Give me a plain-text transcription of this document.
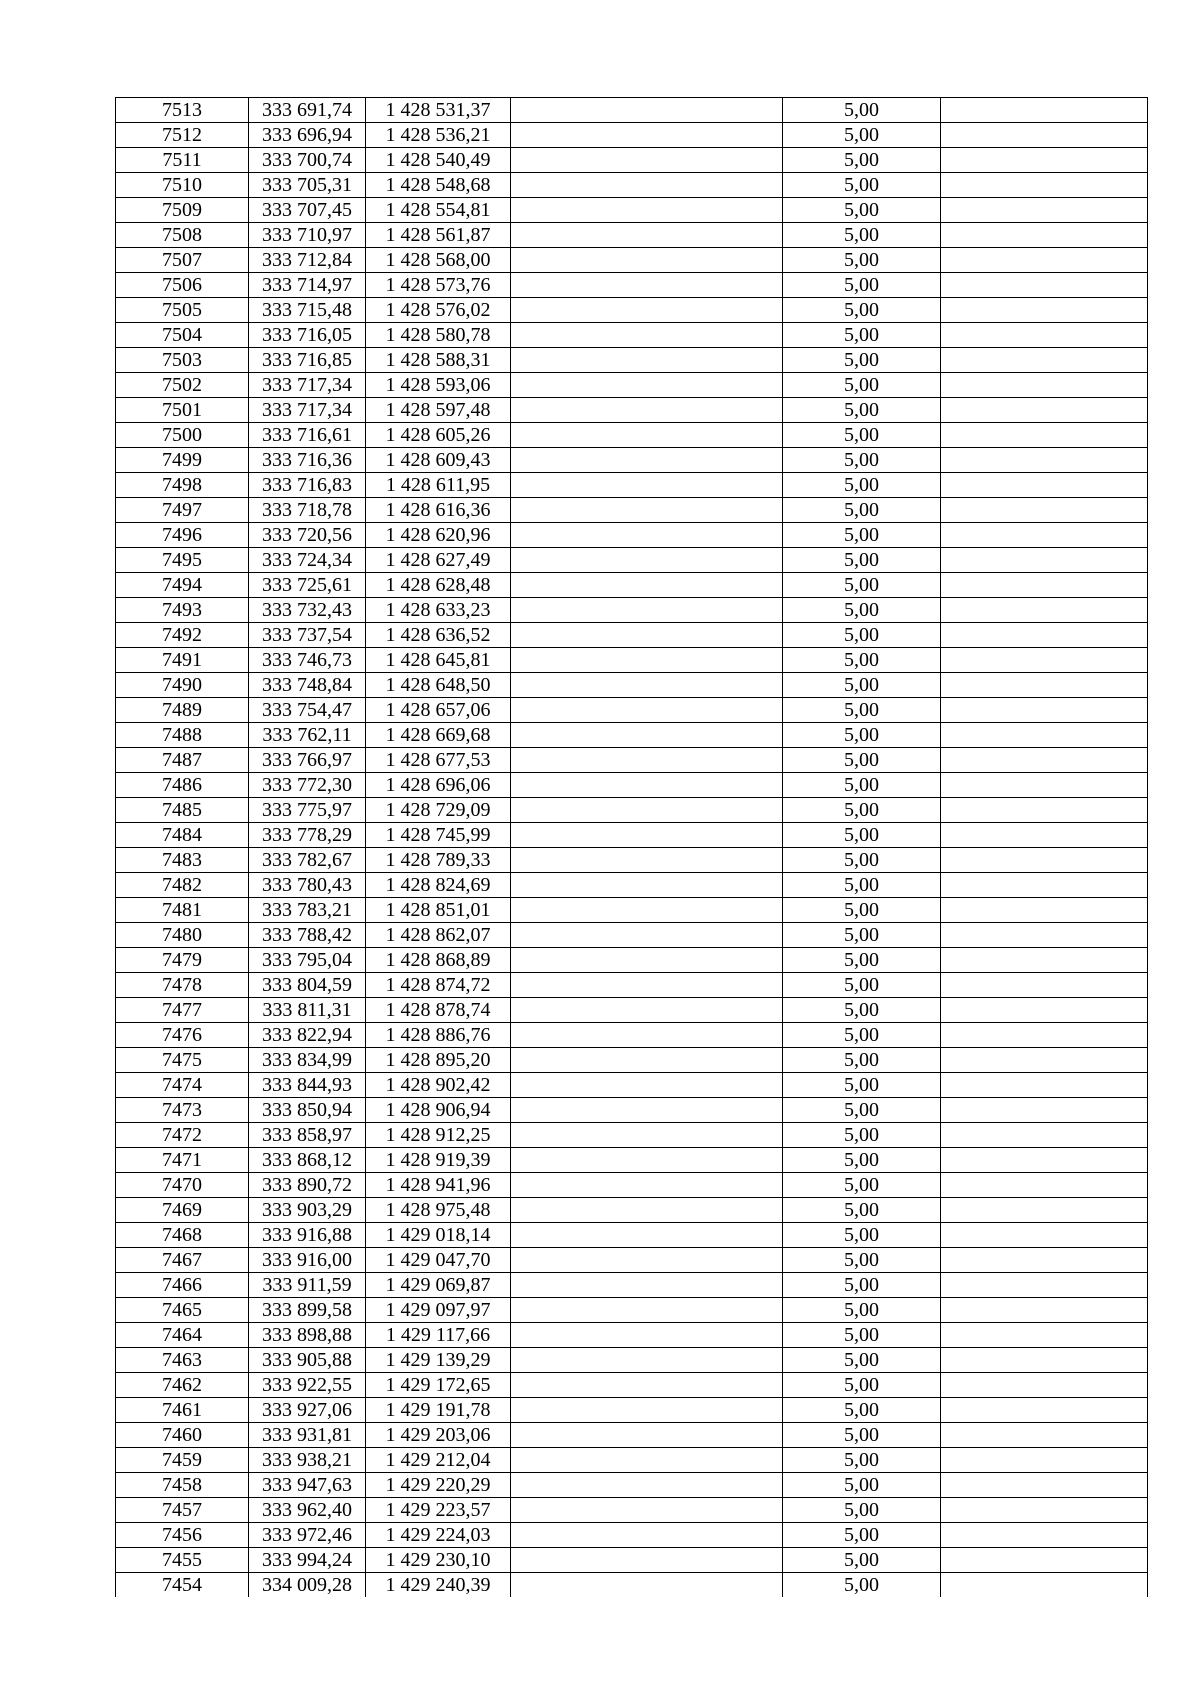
7513	333 691,74	1 428 531,37		5,00	
7512	333 696,94	1 428 536,21		5,00	
7511	333 700,74	1 428 540,49		5,00	
7510	333 705,31	1 428 548,68		5,00	
7509	333 707,45	1 428 554,81		5,00	
7508	333 710,97	1 428 561,87		5,00	
7507	333 712,84	1 428 568,00		5,00	
7506	333 714,97	1 428 573,76		5,00	
7505	333 715,48	1 428 576,02		5,00	
7504	333 716,05	1 428 580,78		5,00	
7503	333 716,85	1 428 588,31		5,00	
7502	333 717,34	1 428 593,06		5,00	
7501	333 717,34	1 428 597,48		5,00	
7500	333 716,61	1 428 605,26		5,00	
7499	333 716,36	1 428 609,43		5,00	
7498	333 716,83	1 428 611,95		5,00	
7497	333 718,78	1 428 616,36		5,00	
7496	333 720,56	1 428 620,96		5,00	
7495	333 724,34	1 428 627,49		5,00	
7494	333 725,61	1 428 628,48		5,00	
7493	333 732,43	1 428 633,23		5,00	
7492	333 737,54	1 428 636,52		5,00	
7491	333 746,73	1 428 645,81		5,00	
7490	333 748,84	1 428 648,50		5,00	
7489	333 754,47	1 428 657,06		5,00	
7488	333 762,11	1 428 669,68		5,00	
7487	333 766,97	1 428 677,53		5,00	
7486	333 772,30	1 428 696,06		5,00	
7485	333 775,97	1 428 729,09		5,00	
7484	333 778,29	1 428 745,99		5,00	
7483	333 782,67	1 428 789,33		5,00	
7482	333 780,43	1 428 824,69		5,00	
7481	333 783,21	1 428 851,01		5,00	
7480	333 788,42	1 428 862,07		5,00	
7479	333 795,04	1 428 868,89		5,00	
7478	333 804,59	1 428 874,72		5,00	
7477	333 811,31	1 428 878,74		5,00	
7476	333 822,94	1 428 886,76		5,00	
7475	333 834,99	1 428 895,20		5,00	
7474	333 844,93	1 428 902,42		5,00	
7473	333 850,94	1 428 906,94		5,00	
7472	333 858,97	1 428 912,25		5,00	
7471	333 868,12	1 428 919,39		5,00	
7470	333 890,72	1 428 941,96		5,00	
7469	333 903,29	1 428 975,48		5,00	
7468	333 916,88	1 429 018,14		5,00	
7467	333 916,00	1 429 047,70		5,00	
7466	333 911,59	1 429 069,87		5,00	
7465	333 899,58	1 429 097,97		5,00	
7464	333 898,88	1 429 117,66		5,00	
7463	333 905,88	1 429 139,29		5,00	
7462	333 922,55	1 429 172,65		5,00	
7461	333 927,06	1 429 191,78		5,00	
7460	333 931,81	1 429 203,06		5,00	
7459	333 938,21	1 429 212,04		5,00	
7458	333 947,63	1 429 220,29		5,00	
7457	333 962,40	1 429 223,57		5,00	
7456	333 972,46	1 429 224,03		5,00	
7455	333 994,24	1 429 230,10		5,00	
7454	334 009,28	1 429 240,39		5,00	
